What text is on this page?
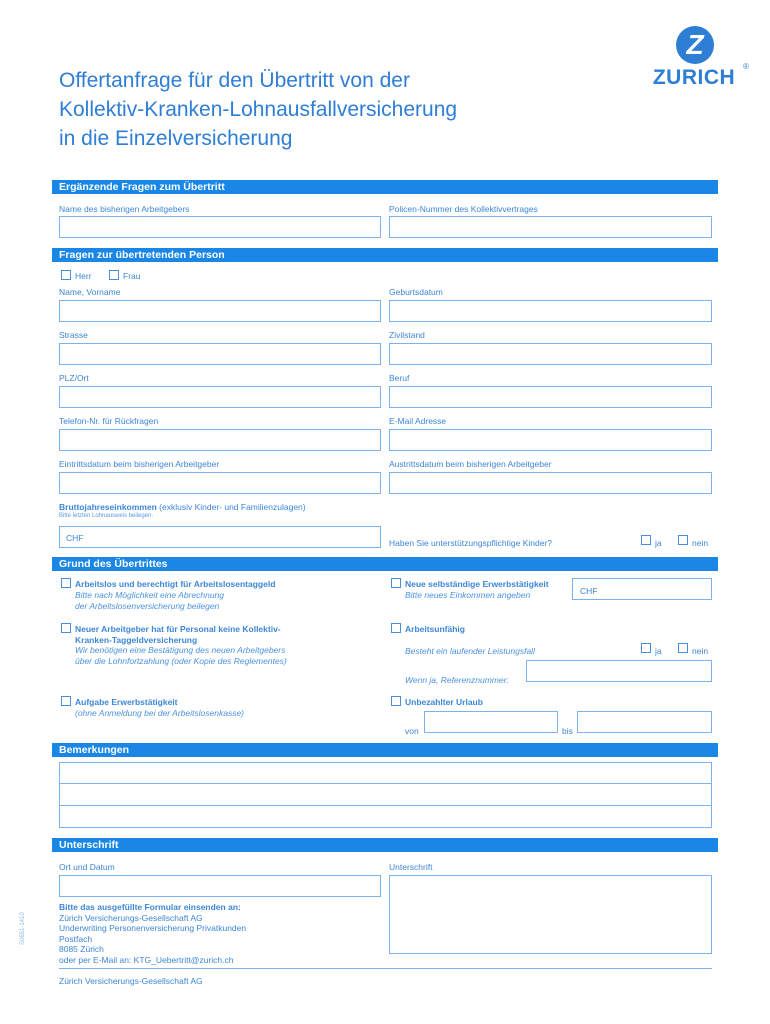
Z
ZURICH ®
Offertanfrage für den Übertritt von der
Kollektiv-Kranken-Lohnausfallversicherung
in die Einzelversicherung
Ergänzende Fragen zum Übertritt
Name des bisherigen Arbeitgebers	Policen-Nummer des Kollektivvertrages
Fragen zur übertretenden Person
Herr	Frau
Name, Vorname	Geburtsdatum
Strasse	Zivilstand
PLZ/Ort	Beruf
Telefon-Nr. für Rückfragen	E-Mail Adresse
Eintrittsdatum beim bisherigen Arbeitgeber	Austrittsdatum beim bisherigen Arbeitgeber
Bruttojahreseinkommen (exklusiv Kinder- und Familienzulagen)
Bitte letzten Lohnausweis beilegen.
CHF	Haben Sie unterstützungspflichtige Kinder?	ja	nein
Grund des Übertrittes
Arbeitslos und berechtigt für Arbeitslosentaggeld
Bitte nach Möglichkeit eine Abrechnung
der Arbeitslosenversicherung beilegen
Neue selbständige Erwerbstätigkeit
Bitte neues Einkommen angeben	CHF
Neuer Arbeitgeber hat für Personal keine Kollektiv-
Kranken-Taggeldversicherung
Wir benötigen eine Bestätigung des neuen Arbeitgebers
über die Lohnfortzahlung (oder Kopie des Reglementes)
Arbeitsunfähig
Besteht ein laufender Leistungsfall	ja	nein
Wenn ja, Referenznummer:
Aufgabe Erwerbstätigkeit
(ohne Anmeldung bei der Arbeitslosenkasse)
Unbezahlter Urlaub
von	bis
Bemerkungen
Unterschrift
Ort und Datum	Unterschrift
Bitte das ausgefüllte Formular einsenden an:
Zürich Versicherungs-Gesellschaft AG
Underwriting Personenversicherung Privatkunden
Postfach
8085 Zürich
oder per E-Mail an: KTG_Uebertritt@zurich.ch
S0651-1410
Zürich Versicherungs-Gesellschaft AG
